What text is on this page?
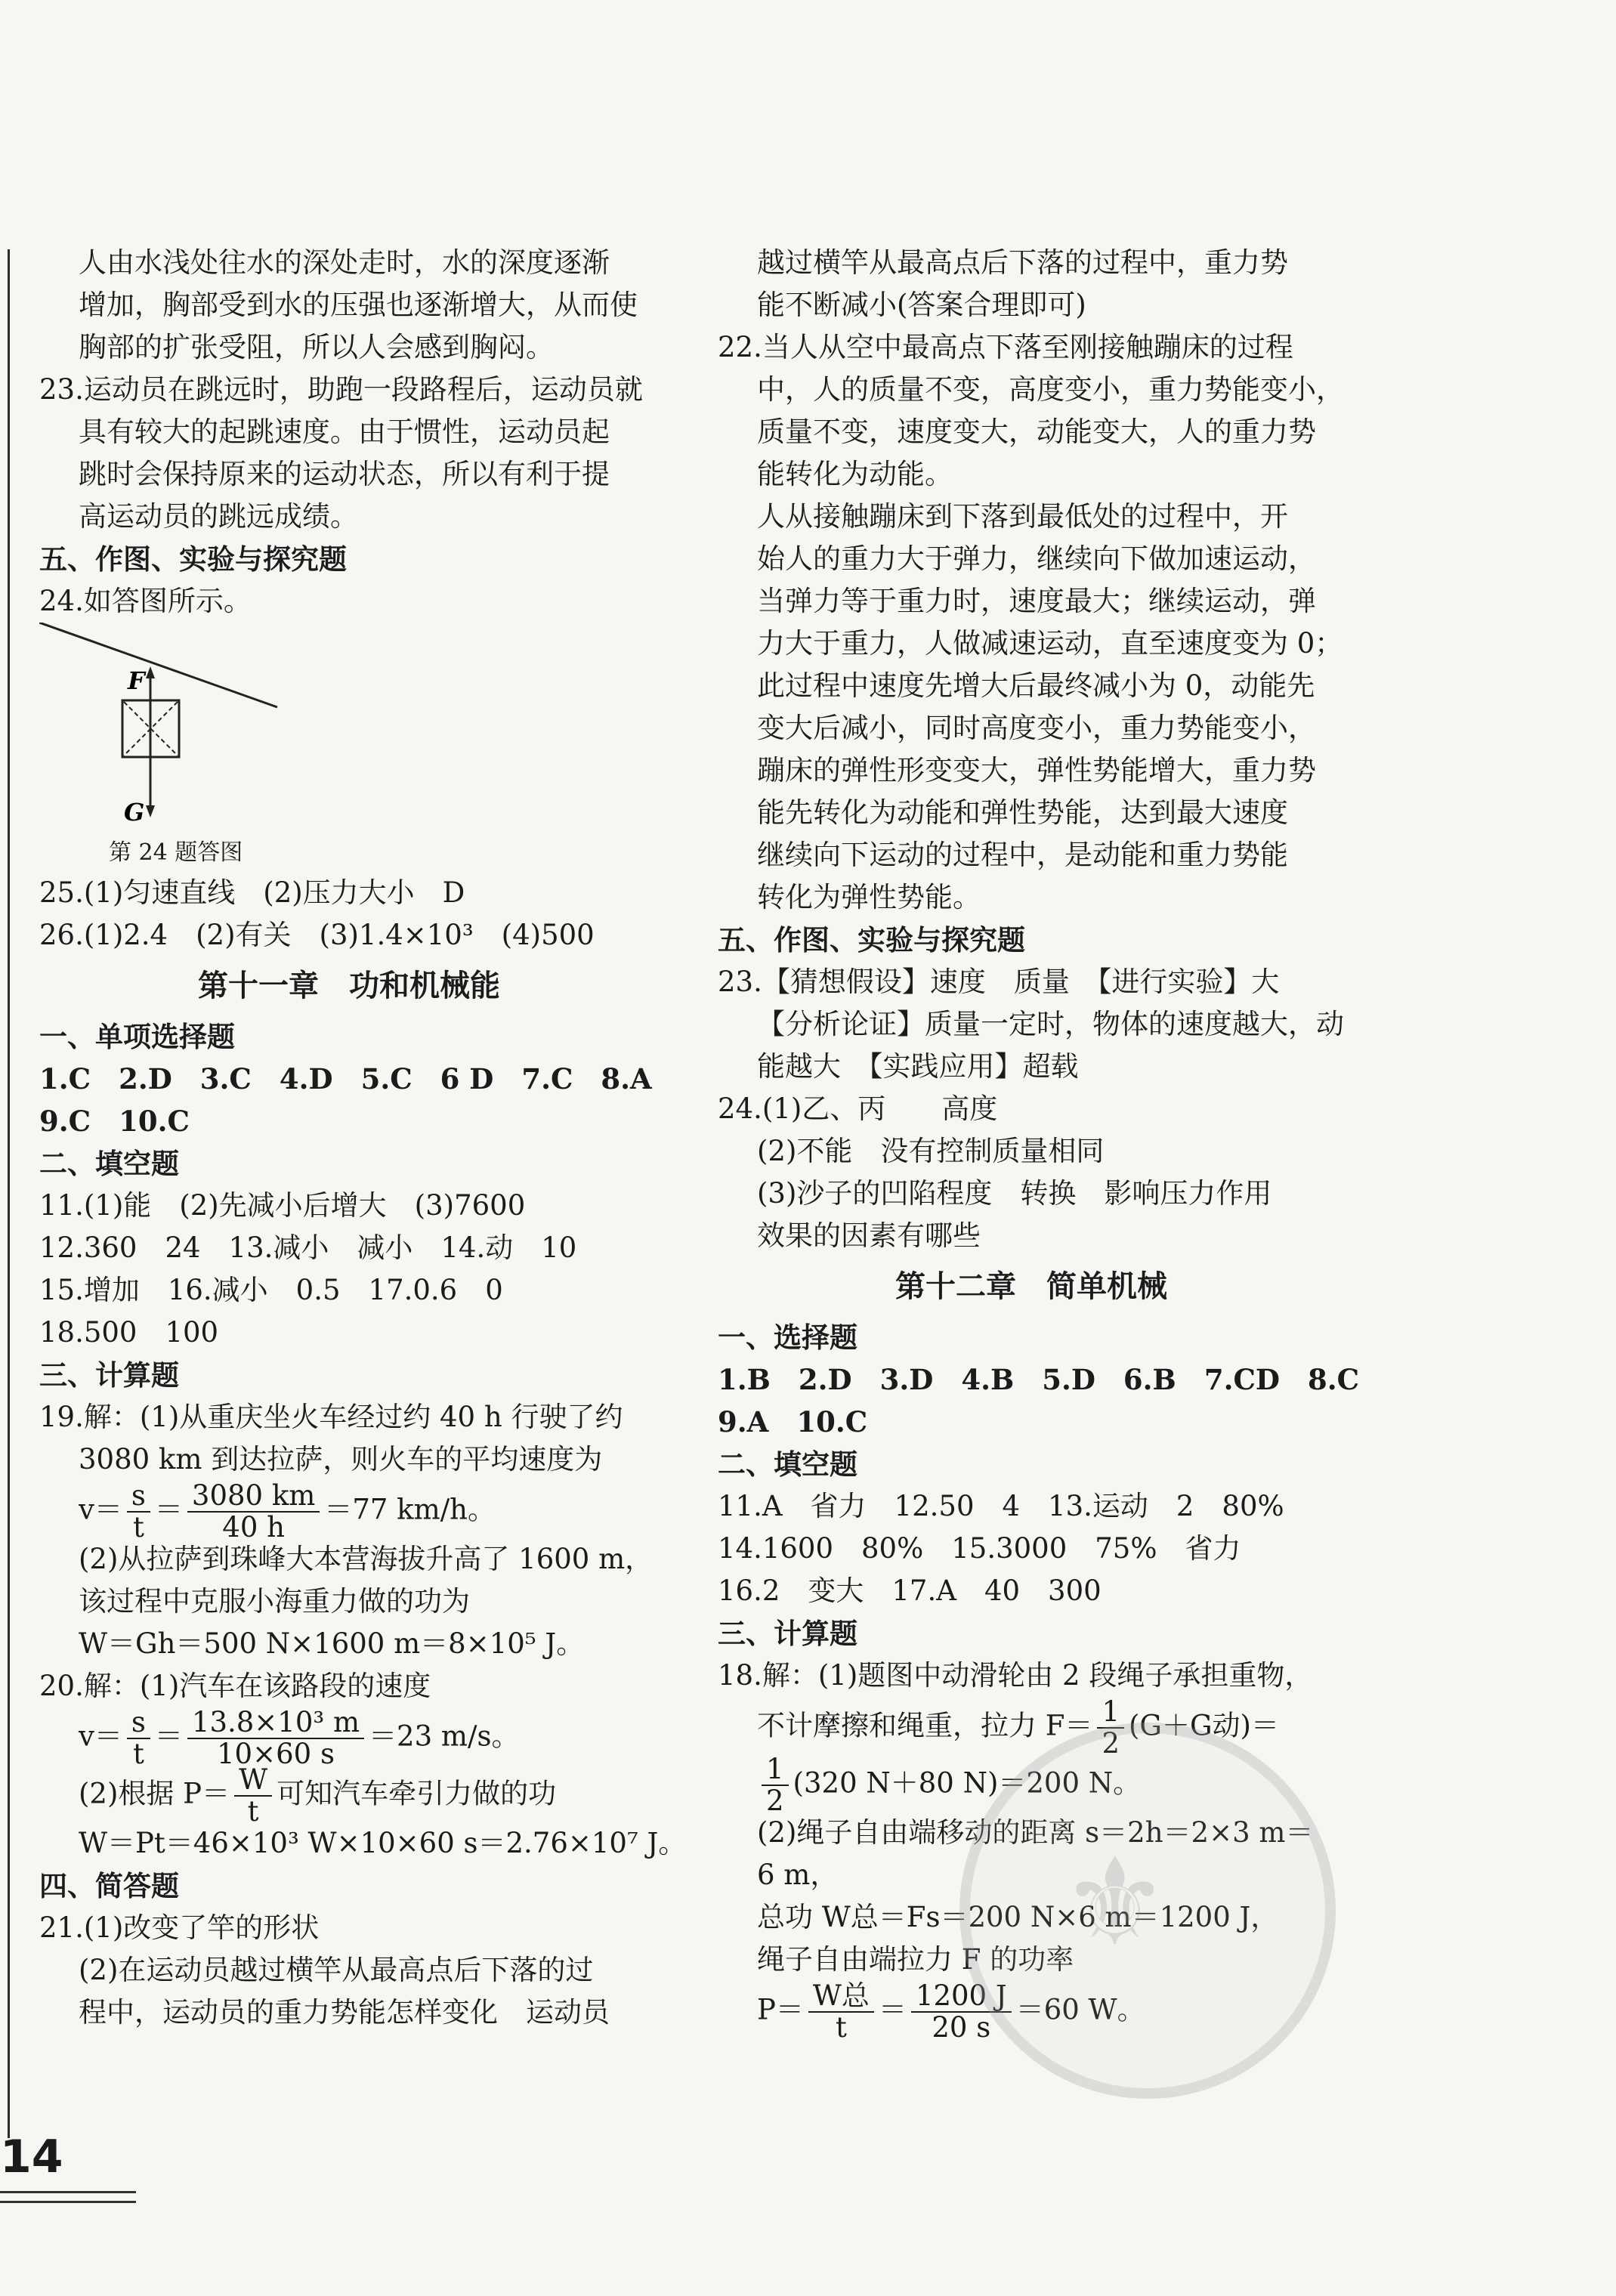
人由水浅处往水的深处走时，水的深度逐渐
增加，胸部受到水的压强也逐渐增大，从而使
胸部的扩张受阻，所以人会感到胸闷。
23.运动员在跳远时，助跑一段路程后，运动员就
具有较大的起跳速度。由于惯性，运动员起
跳时会保持原来的运动状态，所以有利于提
高运动员的跳远成绩。
五、作图、实验与探究题
24.如答图所示。
F
G
第 24 题答图
25.(1)匀速直线　(2)压力大小　D
26.(1)2.4　(2)有关　(3)1.4×10³　(4)500
第十一章　功和机械能
一、单项选择题
1.C　2.D　3.C　4.D　5.C　6 D　7.C　8.A
9.C　10.C
二、填空题
11.(1)能　(2)先减小后增大　(3)7600
12.360　24　13.减小　减小　14.动　10
15.增加　16.减小　0.5　17.0.6　0
18.500　100
三、计算题
19.解：(1)从重庆坐火车经过约 40 h 行驶了约
3080 km 到达拉萨，则火车的平均速度为
$v= \frac{s}{t} = \frac{3080 km}{40 h} =77$ km/h。
(2)从拉萨到珠峰大本营海拔升高了 1600 m，
该过程中克服小海重力做的功为
W＝Gh＝500 N×1600 m＝8×10⁵ J。
20.解：(1)汽车在该路段的速度
$v= \frac{s}{t} = \frac{\text{13.8×10³ m}}{10\times 60 s} =23$ m/s。
(2)根据 $P= \frac{W}{t}$ 可知汽车牵引力做的功
W＝Pt＝46×10³ W×10×60 s＝2.76×10⁷ J。
四、简答题
21.(1)改变了竿的形状
(2)在运动员越过横竿从最高点后下落的过
程中，运动员的重力势能怎样变化　运动员
越过横竿从最高点后下落的过程中，重力势
能不断减小(答案合理即可)
22.当人从空中最高点下落至刚接触蹦床的过程
中，人的质量不变，高度变小，重力势能变小，
质量不变，速度变大，动能变大，人的重力势
能转化为动能。
人从接触蹦床到下落到最低处的过程中，开
始人的重力大于弹力，继续向下做加速运动，
当弹力等于重力时，速度最大；继续运动，弹
力大于重力，人做减速运动，直至速度变为 0；
此过程中速度先增大后最终减小为 0，动能先
变大后减小，同时高度变小，重力势能变小，
蹦床的弹性形变变大，弹性势能增大，重力势
能先转化为动能和弹性势能，达到最大速度
继续向下运动的过程中，是动能和重力势能
转化为弹性势能。
五、作图、实验与探究题
23.【猜想假设】速度　质量　【进行实验】大
【分析论证】质量一定时，物体的速度越大，动
能越大　【实践应用】超载
24.(1)乙、丙　　高度
(2)不能　没有控制质量相同
(3)沙子的凹陷程度　转换　影响压力作用
效果的因素有哪些
第十二章　简单机械
一、选择题
1.B　2.D　3.D　4.B　5.D　6.B　7.CD　8.C
9.A　10.C
二、填空题
11.A　省力　12.50　4　13.运动　2　80%
14.1600　80%　15.3000　75%　省力
16.2　变大　17.A　40　300
三、计算题
18.解：(1)题图中动滑轮由 2 段绳子承担重物，
不计摩擦和绳重，拉力 $F= \frac{1}{2} (G+G$动)＝
$\frac{1}{2} (320$ N＋80 N)＝200 N。
(2)绳子自由端移动的距离 s＝2h＝2×3 m＝
6 m，
总功 W总＝Fs＝200 N×6 m＝1200 J，
绳子自由端拉力 F 的功率
$P= \frac{\text{W总}}{t} = \frac{1200 J}{20 s} =60$ W。
⚜
14
